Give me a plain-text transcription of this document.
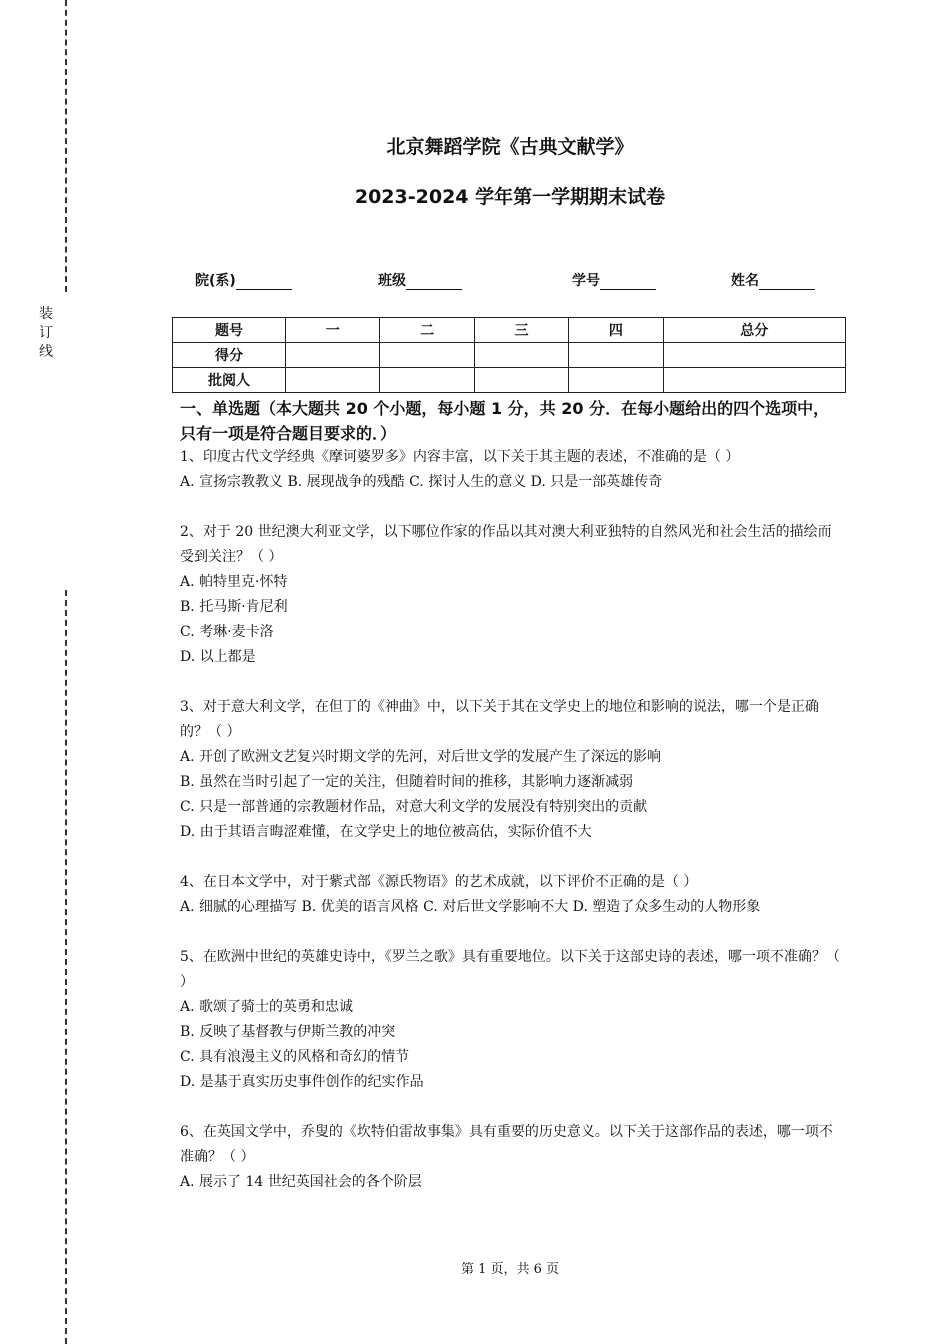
装
订
线
北京舞蹈学院《古典文献学》
2023-2024 学年第一学期期末试卷
院(系)	班级	学号	姓名
题号	一	二	三	四	总分
得分					
批阅人					
一、单选题（本大题共 20 个小题，每小题 1 分，共 20 分．在每小题给出的四个选项中，只有一项是符合题目要求的．）

1、印度古代文学经典《摩诃婆罗多》内容丰富，以下关于其主题的表述，不准确的是（ ）

A. 宣扬宗教教义 B. 展现战争的残酷 C. 探讨人生的意义 D. 只是一部英雄传奇

2、对于 20 世纪澳大利亚文学，以下哪位作家的作品以其对澳大利亚独特的自然风光和社会生活的描绘而受到关注？（ ）

A. 帕特里克·怀特

B. 托马斯·肯尼利

C. 考琳·麦卡洛

D. 以上都是

3、对于意大利文学，在但丁的《神曲》中，以下关于其在文学史上的地位和影响的说法，哪一个是正确的？（ ）

A. 开创了欧洲文艺复兴时期文学的先河，对后世文学的发展产生了深远的影响

B. 虽然在当时引起了一定的关注，但随着时间的推移，其影响力逐渐减弱

C. 只是一部普通的宗教题材作品，对意大利文学的发展没有特别突出的贡献

D. 由于其语言晦涩难懂，在文学史上的地位被高估，实际价值不大

4、在日本文学中，对于紫式部《源氏物语》的艺术成就，以下评价不正确的是（ ）

A. 细腻的心理描写 B. 优美的语言风格 C. 对后世文学影响不大 D. 塑造了众多生动的人物形象

5、在欧洲中世纪的英雄史诗中，《罗兰之歌》具有重要地位。以下关于这部史诗的表述，哪一项不准确？（ ）

A. 歌颂了骑士的英勇和忠诚

B. 反映了基督教与伊斯兰教的冲突

C. 具有浪漫主义的风格和奇幻的情节

D. 是基于真实历史事件创作的纪实作品

6、在英国文学中，乔叟的《坎特伯雷故事集》具有重要的历史意义。以下关于这部作品的表述，哪一项不准确？（ ）

A. 展示了 14 世纪英国社会的各个阶层

第 1 页，共 6 页
